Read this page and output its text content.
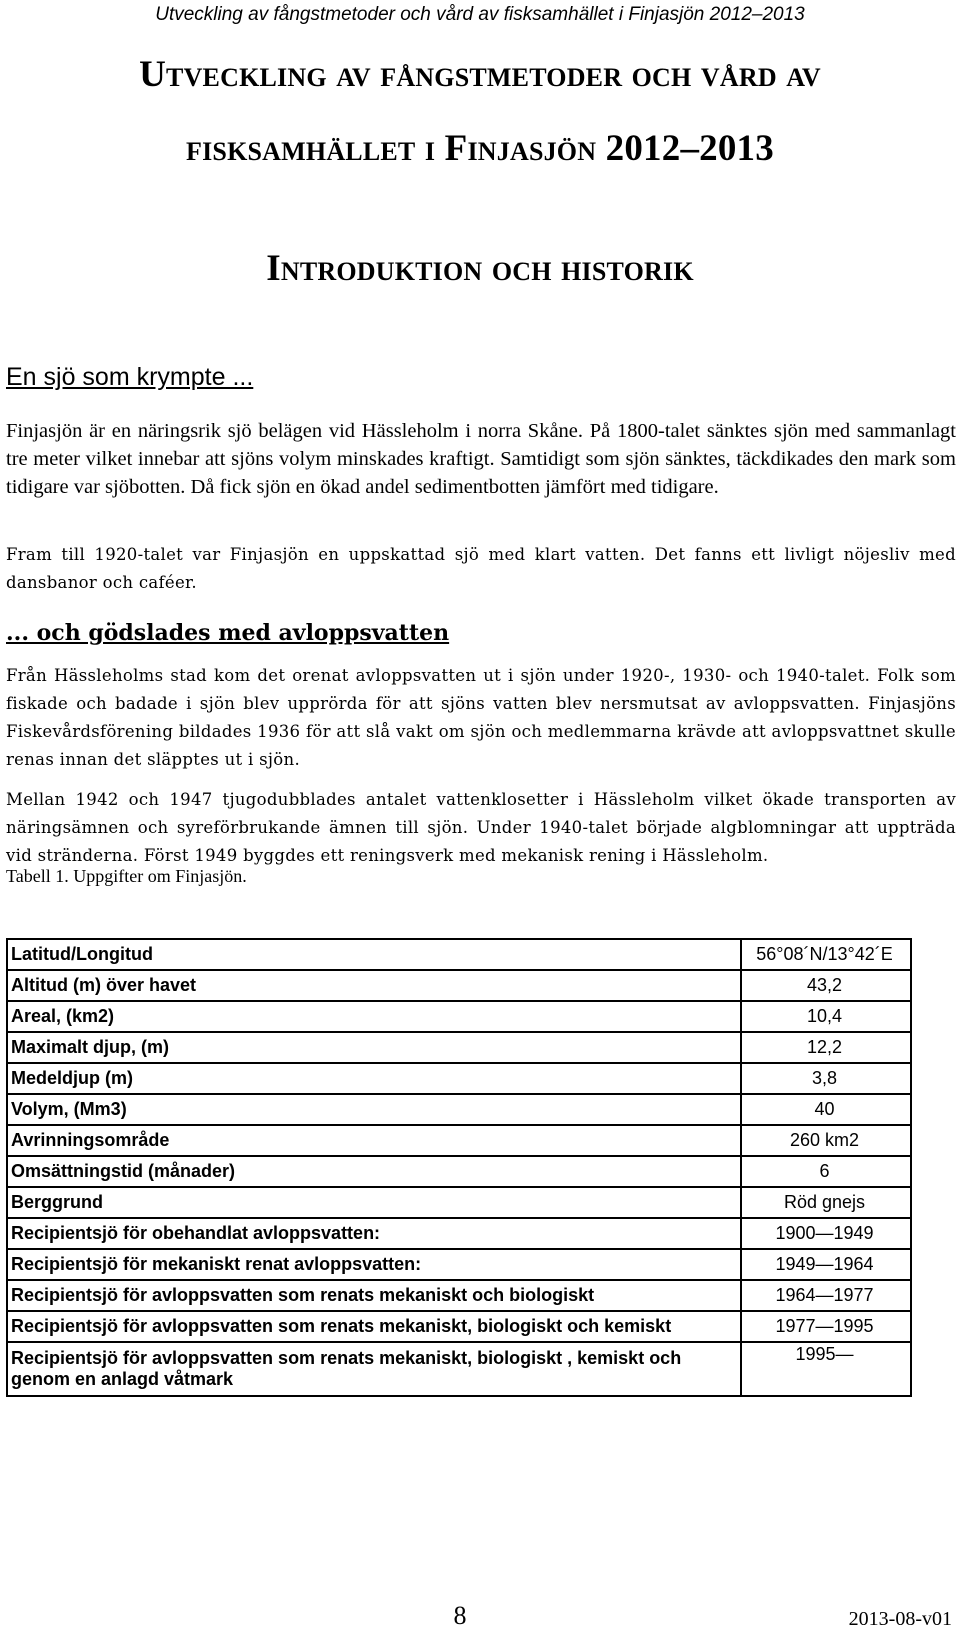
Utveckling av fångstmetoder och vård av fisksamhället i Finjasjön 2012–2013
Utveckling av fångstmetoder och vård av
fisksamhället i Finjasjön 2012–2013
Introduktion och historik
En sjö som krympte ...

Finjasjön är en näringsrik sjö belägen vid Hässleholm i norra Skåne. På 1800-talet sänktes sjön med sammanlagt tre meter vilket innebar att sjöns volym minskades kraftigt. Samtidigt som sjön sänktes, täckdikades den mark som tidigare var sjöbotten. Då fick sjön en ökad andel sedimentbotten jämfört med tidigare.

Fram till 1920-talet var Finjasjön en uppskattad sjö med klart vatten. Det fanns ett livligt nöjesliv med dansbanor och caféer.

... och gödslades med avloppsvatten

Från Hässleholms stad kom det orenat avloppsvatten ut i sjön under 1920-, 1930- och 1940-talet. Folk som fiskade och badade i sjön blev upprörda för att sjöns vatten blev nersmutsat av avloppsvatten. Finjasjöns Fiskevårdsförening bildades 1936 för att slå vakt om sjön och medlemmarna krävde att avloppsvattnet skulle renas innan det släpptes ut i sjön.

Mellan 1942 och 1947 tjugodubblades antalet vattenklosetter i Hässleholm vilket ökade transporten av näringsämnen och syreförbrukande ämnen till sjön. Under 1940-talet började algblomningar att uppträda vid stränderna. Först 1949 byggdes ett reningsverk med mekanisk rening i Hässleholm.

Tabell 1. Uppgifter om Finjasjön.
Latitud/Longitud	56°08´N/13°42´E
Altitud (m) över havet	43,2
Areal, (km2)	10,4
Maximalt djup, (m)	12,2
Medeldjup (m)	3,8
Volym, (Mm3)	40
Avrinningsområde	260 km2
Omsättningstid (månader)	6
Berggrund	Röd gnejs
Recipientsjö för obehandlat avloppsvatten:	1900—1949
Recipientsjö för mekaniskt renat avloppsvatten:	1949—1964
Recipientsjö för avloppsvatten som renats mekaniskt och biologiskt	1964—1977
Recipientsjö för avloppsvatten som renats mekaniskt, biologiskt och kemiskt	1977—1995
Recipientsjö för avloppsvatten som renats mekaniskt, biologiskt , kemiskt och genom en anlagd våtmark	1995—
8	2013-08-v01
